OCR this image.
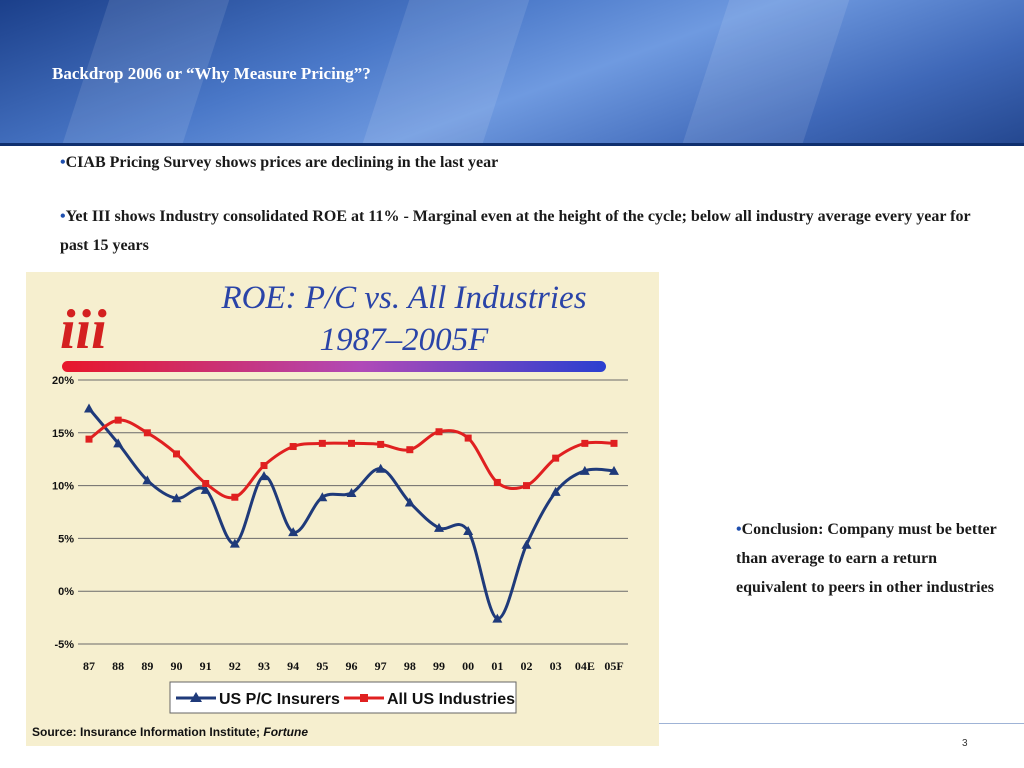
Backdrop 2006 or “Why Measure Pricing”?

•CIAB Pricing Survey shows prices are declining in the last year

•Yet III shows Industry consolidated ROE at 11% - Marginal even at the height of the cycle; below all industry average every year for past 15 years

•Conclusion: Company must be better than average to earn a return equivalent to peers in other industries

iii
ROE: P/C vs. All Industries
1987–2005F
20%
15%
10%
5%
0%
-5%
87 88 89 90 91 92 93 94 95 96 97 98 99 00 01 02 03 04E 05F
US P/C Insurers	All US Industries
Source: Insurance Information Institute; Fortune
3
